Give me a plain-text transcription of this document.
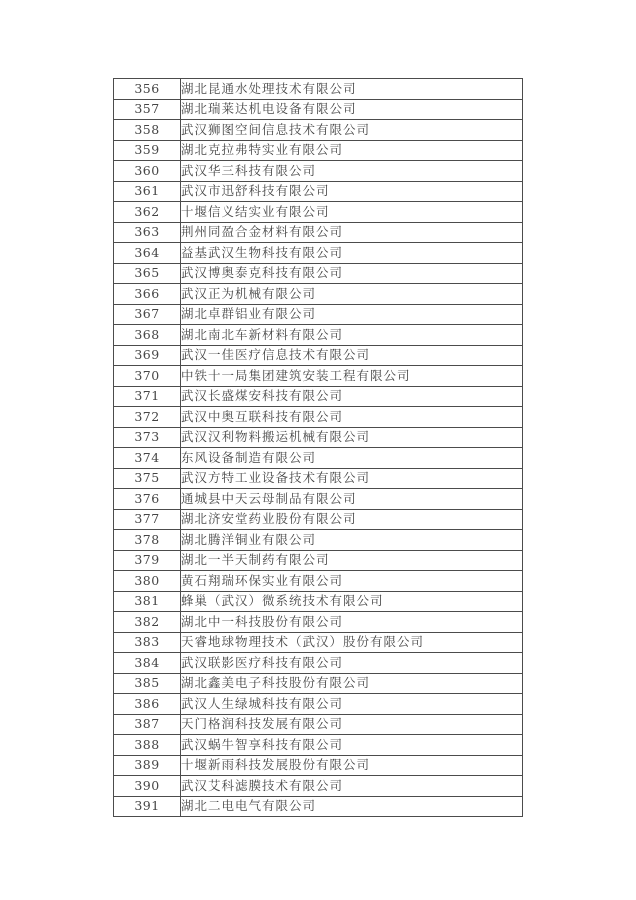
356	湖北昆通水处理技术有限公司
357	湖北瑞莱达机电设备有限公司
358	武汉狮图空间信息技术有限公司
359	湖北克拉弗特实业有限公司
360	武汉华三科技有限公司
361	武汉市迅舒科技有限公司
362	十堰信义结实业有限公司
363	荆州同盈合金材料有限公司
364	益基武汉生物科技有限公司
365	武汉博奥泰克科技有限公司
366	武汉正为机械有限公司
367	湖北卓群铝业有限公司
368	湖北南北车新材料有限公司
369	武汉一佳医疗信息技术有限公司
370	中铁十一局集团建筑安装工程有限公司
371	武汉长盛煤安科技有限公司
372	武汉中奥互联科技有限公司
373	武汉汉利物料搬运机械有限公司
374	东风设备制造有限公司
375	武汉方特工业设备技术有限公司
376	通城县中天云母制品有限公司
377	湖北济安堂药业股份有限公司
378	湖北腾洋铜业有限公司
379	湖北一半天制药有限公司
380	黄石翔瑞环保实业有限公司
381	蜂巢（武汉）微系统技术有限公司
382	湖北中一科技股份有限公司
383	天睿地球物理技术（武汉）股份有限公司
384	武汉联影医疗科技有限公司
385	湖北鑫美电子科技股份有限公司
386	武汉人生绿城科技有限公司
387	天门格润科技发展有限公司
388	武汉蜗牛智享科技有限公司
389	十堰新雨科技发展股份有限公司
390	武汉艾科滤膜技术有限公司
391	湖北二电电气有限公司
